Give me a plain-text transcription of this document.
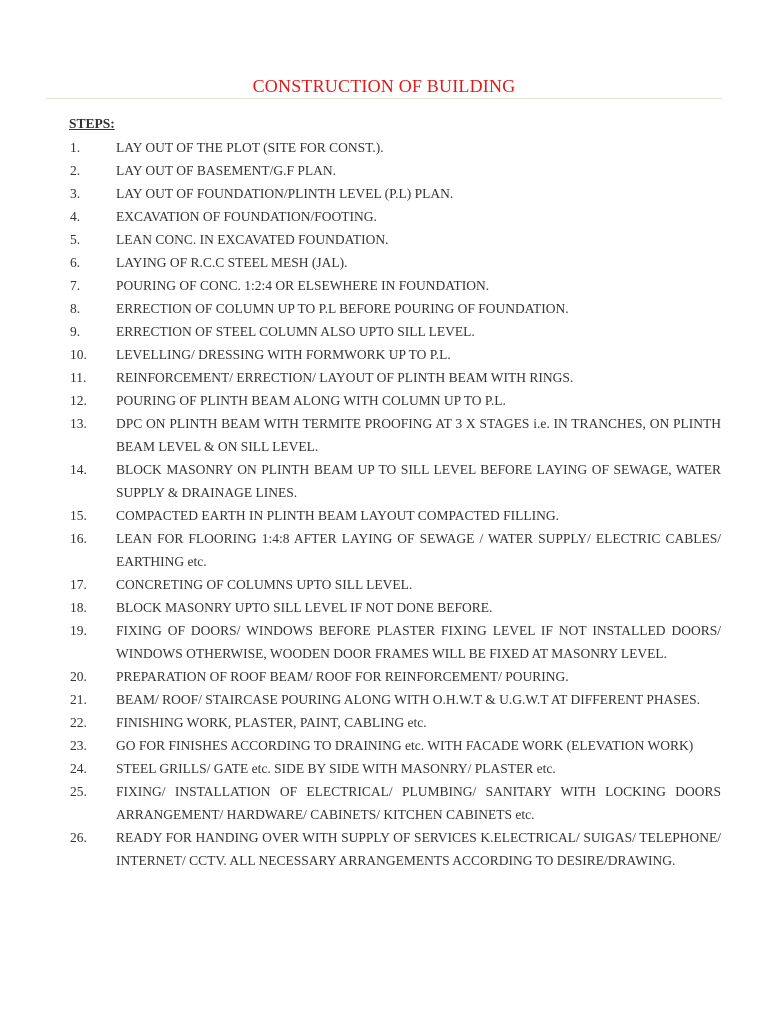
CONSTRUCTION OF BUILDING
STEPS:
1.	LAY OUT OF THE PLOT (SITE FOR CONST.).
2.	LAY OUT OF BASEMENT/G.F PLAN.
3.	LAY OUT OF FOUNDATION/PLINTH LEVEL (P.L) PLAN.
4.	EXCAVATION OF FOUNDATION/FOOTING.
5.	LEAN CONC. IN EXCAVATED FOUNDATION.
6.	LAYING OF R.C.C STEEL MESH (JAL).
7.	POURING OF CONC. 1:2:4 OR ELSEWHERE IN FOUNDATION.
8.	ERRECTION OF COLUMN UP TO P.L BEFORE POURING OF FOUNDATION.
9.	ERRECTION OF STEEL COLUMN ALSO UPTO SILL LEVEL.
10.	LEVELLING/ DRESSING WITH FORMWORK UP TO P.L.
11.	REINFORCEMENT/ ERRECTION/ LAYOUT OF PLINTH BEAM WITH RINGS.
12.	POURING OF PLINTH BEAM ALONG WITH COLUMN UP TO P.L.
13.	DPC ON PLINTH BEAM WITH TERMITE PROOFING AT 3 X STAGES i.e. IN TRANCHES, ON PLINTH BEAM LEVEL & ON SILL LEVEL.
14.	BLOCK MASONRY ON PLINTH BEAM UP TO SILL LEVEL BEFORE LAYING OF SEWAGE, WATER SUPPLY & DRAINAGE LINES.
15.	COMPACTED EARTH IN PLINTH BEAM LAYOUT COMPACTED FILLING.
16.	LEAN FOR FLOORING 1:4:8 AFTER LAYING OF SEWAGE / WATER SUPPLY/ ELECTRIC CABLES/ EARTHING etc.
17.	CONCRETING OF COLUMNS UPTO SILL LEVEL.
18.	BLOCK MASONRY UPTO SILL LEVEL IF NOT DONE BEFORE.
19.	FIXING OF DOORS/ WINDOWS BEFORE PLASTER FIXING LEVEL IF NOT INSTALLED DOORS/ WINDOWS OTHERWISE, WOODEN DOOR FRAMES WILL BE FIXED AT MASONRY LEVEL.
20.	PREPARATION OF ROOF BEAM/ ROOF FOR REINFORCEMENT/ POURING.
21.	BEAM/ ROOF/ STAIRCASE POURING ALONG WITH O.H.W.T & U.G.W.T AT DIFFERENT PHASES.
22.	FINISHING WORK, PLASTER, PAINT, CABLING etc.
23.	GO FOR FINISHES ACCORDING TO DRAINING etc. WITH FACADE WORK (ELEVATION WORK)
24.	STEEL GRILLS/ GATE etc. SIDE BY SIDE WITH MASONRY/ PLASTER etc.
25.	FIXING/ INSTALLATION OF ELECTRICAL/ PLUMBING/ SANITARY WITH LOCKING DOORS ARRANGEMENT/ HARDWARE/ CABINETS/ KITCHEN CABINETS etc.
26.	READY FOR HANDING OVER WITH SUPPLY OF SERVICES K.ELECTRICAL/ SUIGAS/ TELEPHONE/ INTERNET/ CCTV. ALL NECESSARY ARRANGEMENTS ACCORDING TO DESIRE/DRAWING.
